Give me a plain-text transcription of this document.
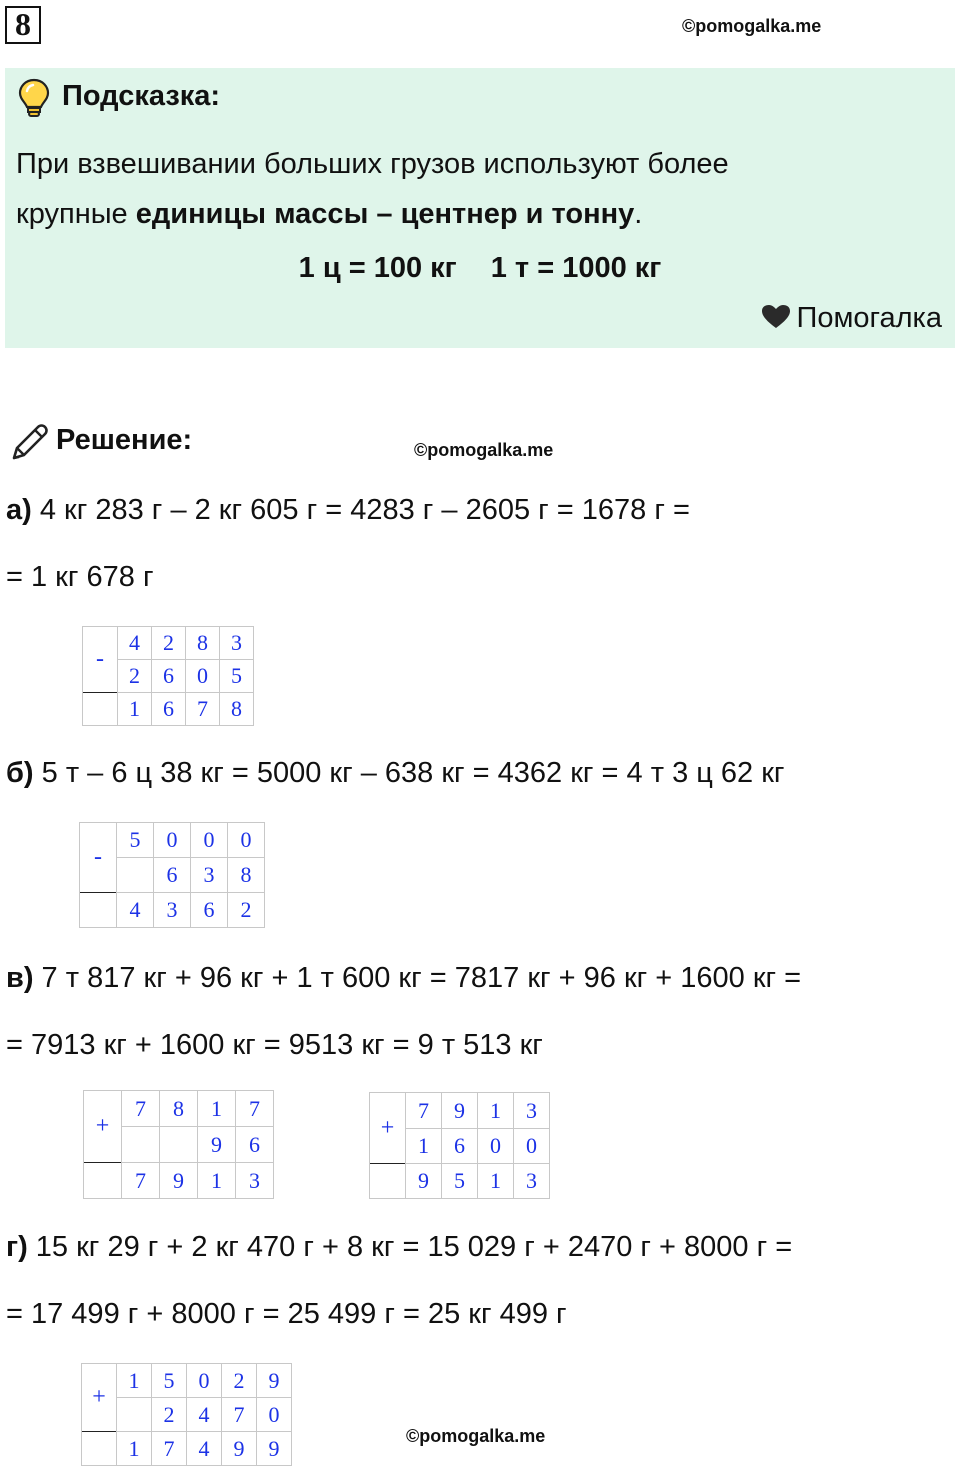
8	©pomogalka.me
Подсказка:
При взвешивании больших грузов используют более
крупные единицы массы – центнер и тонну.
1 ц = 100 кг 1 т = 1000 кг
Помогалка
Решение:	©pomogalka.me
а) 4 кг 283 г – 2 кг 605 г = 4283 г – 2605 г = 1678 г =
= 1 кг 678 г
-	4	2	8	3
	2	6	0	5
	1	6	7	8
б) 5 т – 6 ц 38 кг = 5000 кг – 638 кг = 4362 кг = 4 т 3 ц 62 кг
-	5	0	0	0
		6	3	8
	4	3	6	2
в) 7 т 817 кг + 96 кг + 1 т 600 кг = 7817 кг + 96 кг + 1600 кг =
= 7913 кг + 1600 кг = 9513 кг = 9 т 513 кг
+	7	8	1	7
			9	6
	7	9	1	3
+	7	9	1	3
	1	6	0	0
	9	5	1	3
г) 15 кг 29 г + 2 кг 470 г + 8 кг = 15 029 г + 2470 г + 8000 г =
= 17 499 г + 8000 г = 25 499 г = 25 кг 499 г
+	1	5	0	2	9
		2	4	7	0
	1	7	4	9	9	©pomogalka.me
